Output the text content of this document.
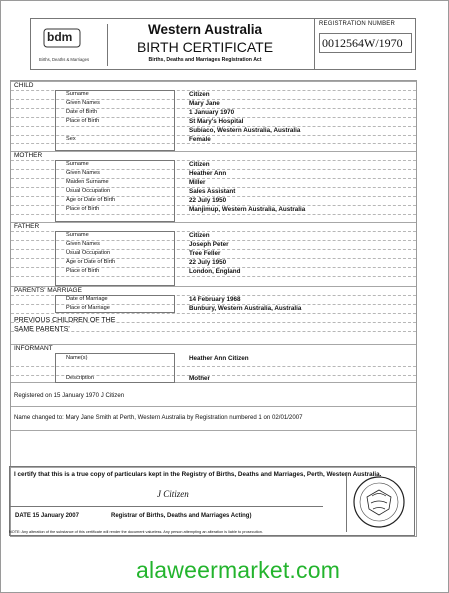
bdm
Births, Deaths & Marriages
Western Australia
BIRTH CERTIFICATE
Births, Deaths and Marriages Registration Act
REGISTRATION NUMBER
0012564W/1970
CHILD
Surname	Citizen
Given Names	Mary Jane
Date of Birth	1 January 1970
Place of Birth	St Mary's Hospital
Subiaco, Western Australia, Australia
Sex	Female
MOTHER
Surname	Citizen
Given Names	Heather Ann
Maiden Surname	Miller
Usual Occupation	Sales Assistant
Age or Date of Birth	22 July 1950
Place of Birth	Manjimup, Western Australia, Australia
FATHER
Surname	Citizen
Given Names	Joseph Peter
Usual Occupation	Tree Feller
Age or Date of Birth	22 July 1950
Place of Birth	London, England
PARENTS' MARRIAGE
Date of Marriage	14 February 1968
Place of Marriage	Bunbury, Western Australia, Australia
PREVIOUS CHILDREN OF THE SAME PARENTS'
INFORMANT
Name(s)	Heather Ann Citizen
Description	Mother
Registered on 15 January 1970 J Citizen
Name changed to: Mary Jane Smith at Perth, Western Australia by Registration numbered 1 on 02/01/2007
I certify that this is a true copy of particulars kept in the Registry of Births, Deaths and Marriages, Perth, Western Australia.
J Citizen
DATE 15 January 2007	Registrar of Births, Deaths and Marriages Acting)
NOTE: Any alteration of the substance of this certificate will render the document valueless. Any person attempting an alteration is liable to prosecution.
alaweermarket.com
